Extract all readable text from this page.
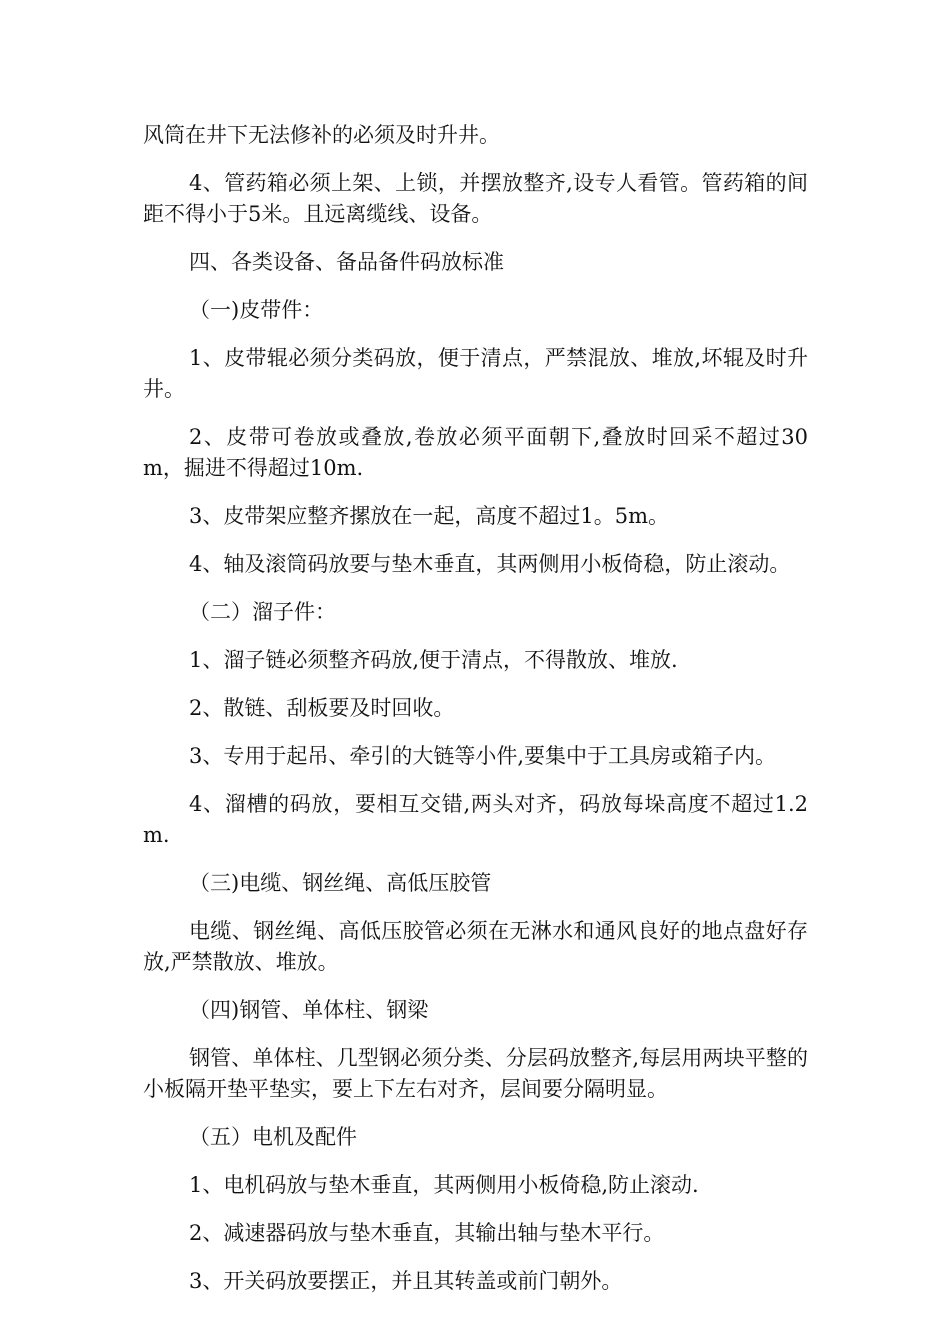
风筒在井下无法修补的必须及时升井。

4、管药箱必须上架、上锁，并摆放整齐,设专人看管。管药箱的间距不得小于5米。且远离缆线、设备。

四、各类设备、备品备件码放标准

（一)皮带件：

1、皮带辊必须分类码放，便于清点，严禁混放、堆放,坏辊及时升井。

2、皮带可卷放或叠放,卷放必须平面朝下,叠放时回采不超过30m，掘进不得超过10m.

3、皮带架应整齐摞放在一起，高度不超过1。5m。

4、轴及滚筒码放要与垫木垂直，其两侧用小板倚稳，防止滚动。

（二）溜子件：

1、溜子链必须整齐码放,便于清点，不得散放、堆放.

2、散链、刮板要及时回收。

3、专用于起吊、牵引的大链等小件,要集中于工具房或箱子内。

4、溜槽的码放，要相互交错,两头对齐，码放每垛高度不超过1.2m.

（三)电缆、钢丝绳、高低压胶管

电缆、钢丝绳、高低压胶管必须在无淋水和通风良好的地点盘好存放,严禁散放、堆放。

（四)钢管、单体柱、钢梁

钢管、单体柱、几型钢必须分类、分层码放整齐,每层用两块平整的小板隔开垫平垫实，要上下左右对齐，层间要分隔明显。

（五）电机及配件

1、电机码放与垫木垂直，其两侧用小板倚稳,防止滚动.

2、减速器码放与垫木垂直，其输出轴与垫木平行。

3、开关码放要摆正，并且其转盖或前门朝外。
